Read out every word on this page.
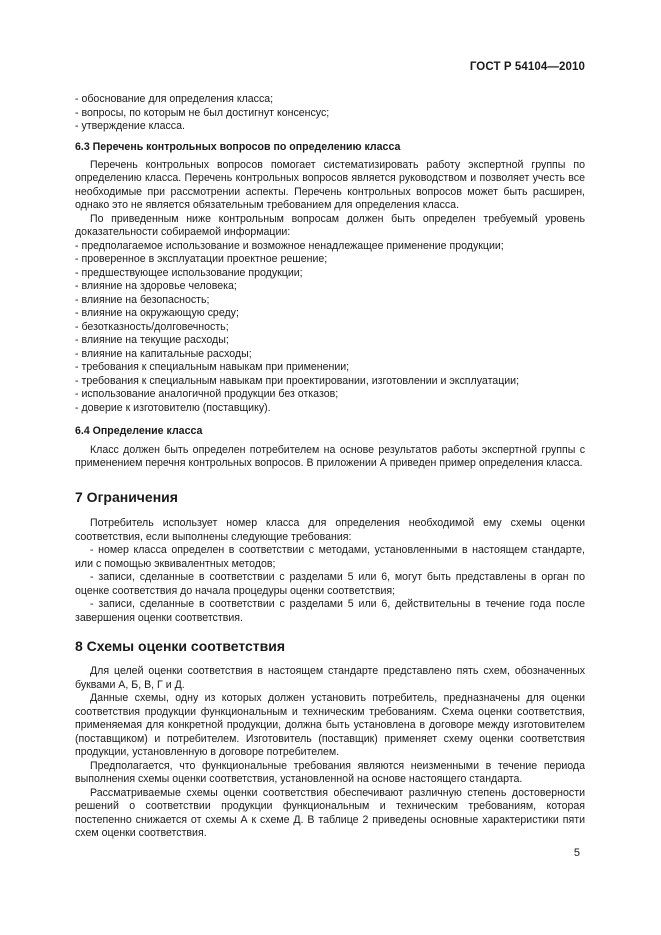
ГОСТ Р 54104—2010
- обоснование для определения класса;
- вопросы, по которым не был достигнут консенсус;
- утверждение класса.
6.3 Перечень контрольных вопросов по определению класса
Перечень контрольных вопросов помогает систематизировать работу экспертной группы по определению класса. Перечень контрольных вопросов является руководством и позволяет учесть все необходимые при рассмотрении аспекты. Перечень контрольных вопросов может быть расширен, однако это не является обязательным требованием для определения класса.
По приведенным ниже контрольным вопросам должен быть определен требуемый уровень доказательности собираемой информации:
- предполагаемое использование и возможное ненадлежащее применение продукции;
- проверенное в эксплуатации проектное решение;
- предшествующее использование продукции;
- влияние на здоровье человека;
- влияние на безопасность;
- влияние на окружающую среду;
- безотказность/долговечность;
- влияние на текущие расходы;
- влияние на капитальные расходы;
- требования к специальным навыкам при применении;
- требования к специальным навыкам при проектировании, изготовлении и эксплуатации;
- использование аналогичной продукции без отказов;
- доверие к изготовителю (поставщику).
6.4 Определение класса
Класс должен быть определен потребителем на основе результатов работы экспертной группы с применением перечня контрольных вопросов. В приложении А приведен пример определения класса.
7 Ограничения
Потребитель использует номер класса для определения необходимой ему схемы оценки соответствия, если выполнены следующие требования:
- номер класса определен в соответствии с методами, установленными в настоящем стандарте, или с помощью эквивалентных методов;
- записи, сделанные в соответствии с разделами 5 или 6, могут быть представлены в орган по оценке соответствия до начала процедуры оценки соответствия;
- записи, сделанные в соответствии с разделами 5 или 6, действительны в течение года после завершения оценки соответствия.
8 Схемы оценки соответствия
Для целей оценки соответствия в настоящем стандарте представлено пять схем, обозначенных буквами А, Б, В, Г и Д.
Данные схемы, одну из которых должен установить потребитель, предназначены для оценки соответствия продукции функциональным и техническим требованиям. Схема оценки соответствия, применяемая для конкретной продукции, должна быть установлена в договоре между изготовителем (поставщиком) и потребителем. Изготовитель (поставщик) применяет схему оценки соответствия продукции, установленную в договоре потребителем.
Предполагается, что функциональные требования являются неизменными в течение периода выполнения схемы оценки соответствия, установленной на основе настоящего стандарта.
Рассматриваемые схемы оценки соответствия обеспечивают различную степень достоверности решений о соответствии продукции функциональным и техническим требованиям, которая постепенно снижается от схемы А к схеме Д. В таблице 2 приведены основные характеристики пяти схем оценки соответствия.
5
